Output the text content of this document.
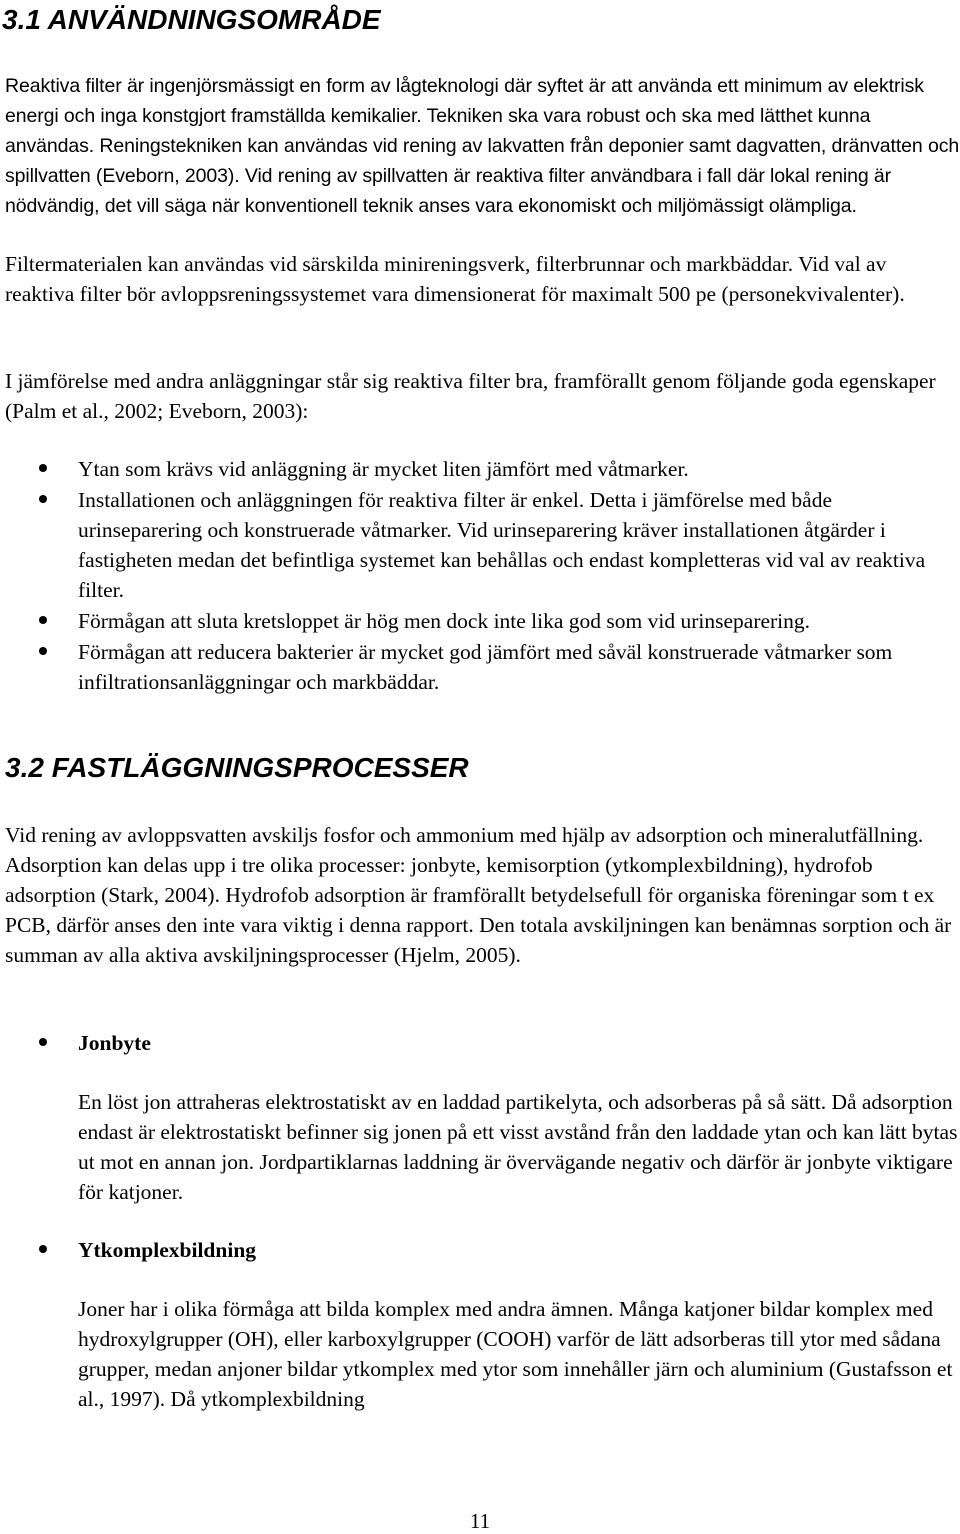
3.1 ANVÄNDNINGSOMRÅDE

Reaktiva filter är ingenjörsmässigt en form av lågteknologi där syftet är att använda ett minimum av elektrisk energi och inga konstgjort framställda kemikalier. Tekniken ska vara robust och ska med lätthet kunna användas. Reningstekniken kan användas vid rening av lakvatten från deponier samt dagvatten, dränvatten och spillvatten (Eveborn, 2003). Vid rening av spillvatten är reaktiva filter användbara i fall där lokal rening är nödvändig, det vill säga när konventionell teknik anses vara ekonomiskt och miljömässigt olämpliga.

Filtermaterialen kan användas vid särskilda minireningsverk, filterbrunnar och markbäddar. Vid val av reaktiva filter bör avloppsreningssystemet vara dimensionerat för maximalt 500 pe (personekvivalenter).

I jämförelse med andra anläggningar står sig reaktiva filter bra, framförallt genom följande goda egenskaper (Palm et al., 2002; Eveborn, 2003):

Ytan som krävs vid anläggning är mycket liten jämfört med våtmarker.

Installationen och anläggningen för reaktiva filter är enkel. Detta i jämförelse med både urinseparering och konstruerade våtmarker. Vid urinseparering kräver installationen åtgärder i fastigheten medan det befintliga systemet kan behållas och endast kompletteras vid val av reaktiva filter.

Förmågan att sluta kretsloppet är hög men dock inte lika god som vid urinseparering.

Förmågan att reducera bakterier är mycket god jämfört med såväl konstruerade våtmarker som infiltrationsanläggningar och markbäddar.

3.2 FASTLÄGGNINGSPROCESSER

Vid rening av avloppsvatten avskiljs fosfor och ammonium med hjälp av adsorption och mineralutfällning. Adsorption kan delas upp i tre olika processer: jonbyte, kemisorption (ytkomplexbildning), hydrofob adsorption (Stark, 2004). Hydrofob adsorption är framförallt betydelsefull för organiska föreningar som t ex PCB, därför anses den inte vara viktig i denna rapport. Den totala avskiljningen kan benämnas sorption och är summan av alla aktiva avskiljningsprocesser (Hjelm, 2005).

Jonbyte

En löst jon attraheras elektrostatiskt av en laddad partikelyta, och adsorberas på så sätt. Då adsorption endast är elektrostatiskt befinner sig jonen på ett visst avstånd från den laddade ytan och kan lätt bytas ut mot en annan jon. Jordpartiklarnas laddning är övervägande negativ och därför är jonbyte viktigare för katjoner.

Ytkomplexbildning

Joner har i olika förmåga att bilda komplex med andra ämnen. Många katjoner bildar komplex med hydroxylgrupper (OH), eller karboxylgrupper (COOH) varför de lätt adsorberas till ytor med sådana grupper, medan anjoner bildar ytkomplex med ytor som innehåller järn och aluminium (Gustafsson et al., 1997). Då ytkomplexbildning

11
